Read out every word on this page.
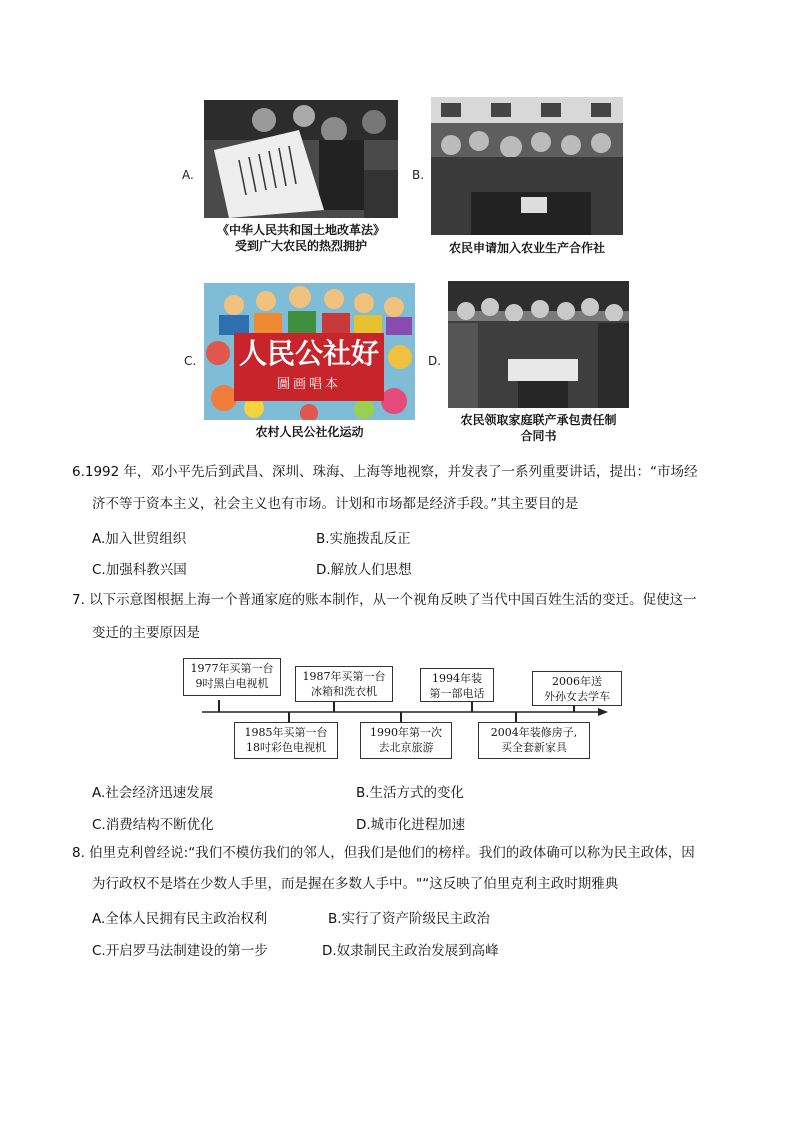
A.
《中华人民共和国土地改革法》
受到广大农民的热烈拥护
B.
农民申请加入农业生产合作社
C. 人民公社好
圖画唱本
农村人民公社化运动
D.
农民领取家庭联产承包责任制
合同书
6.1992 年，邓小平先后到武昌、深圳、珠海、上海等地视察，并发表了一系列重要讲话，提出：“市场经
济不等于资本主义，社会主义也有市场。计划和市场都是经济手段。”其主要目的是
A.加入世贸组织	B.实施拨乱反正
C.加强科教兴国	D.解放人们思想
7. 以下示意图根据上海一个普通家庭的账本制作，从一个视角反映了当代中国百姓生活的变迁。促使这一
变迁的主要原因是
1977年买第一台
9吋黑白电视机
1987年买第一台
冰箱和洗衣机
1994年装
第一部电话
2006年送
外孙女去学车
1985年买第一台
18吋彩色电视机
1990年第一次
去北京旅游
2004年装修房子,
买全套新家具
A.社会经济迅速发展	B.生活方式的变化
C.消费结构不断优化	D.城市化进程加速
8. 伯里克利曾经说:“我们不模仿我们的邻人，但我们是他们的榜样。我们的政体确可以称为民主政体，因
为行政权不是塔在少数人手里，而是握在多数人手中。"“这反映了伯里克利主政时期雅典
A.全体人民拥有民主政治权利	B.实行了资产阶级民主政治
C.开启罗马法制建设的第一步	D.奴隶制民主政治发展到高峰
